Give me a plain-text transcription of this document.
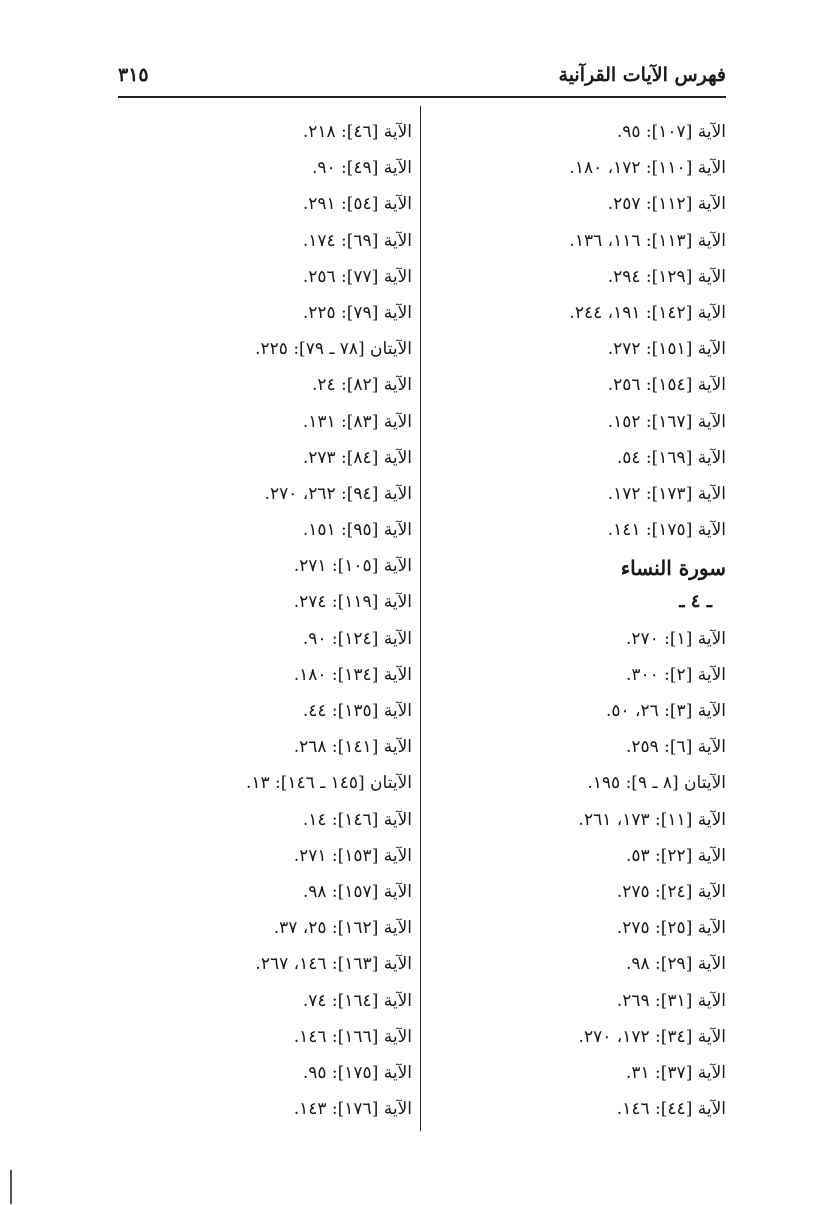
فهرس الآيات القرآنية
٣١٥
الآية [١٠٧]: ٩٥.
الآية [١١٠]: ١٧٢، ١٨٠.
الآية [١١٢]: ٢٥٧.
الآية [١١٣]: ١١٦، ١٣٦.
الآية [١٢٩]: ٢٩٤.
الآية [١٤٢]: ١٩١، ٢٤٤.
الآية [١٥١]: ٢٧٢.
الآية [١٥٤]: ٢٥٦.
الآية [١٦٧]: ١٥٢.
الآية [١٦٩]: ٥٤.
الآية [١٧٣]: ١٧٢.
الآية [١٧٥]: ١٤١.
سورة النساء
ـ ٤ ـ
الآية [١]: ٢٧٠.
الآية [٢]: ٣٠٠.
الآية [٣]: ٢٦، ٥٠.
الآية [٦]: ٢٥٩.
الآيتان [٨ ـ ٩]: ١٩٥.
الآية [١١]: ١٧٣، ٢٦١.
الآية [٢٢]: ٥٣.
الآية [٢٤]: ٢٧٥.
الآية [٢٥]: ٢٧٥.
الآية [٢٩]: ٩٨.
الآية [٣١]: ٢٦٩.
الآية [٣٤]: ١٧٢، ٢٧٠.
الآية [٣٧]: ٣١.
الآية [٤٤]: ١٤٦.
الآية [٤٦]: ٢١٨.
الآية [٤٩]: ٩٠.
الآية [٥٤]: ٢٩١.
الآية [٦٩]: ١٧٤.
الآية [٧٧]: ٢٥٦.
الآية [٧٩]: ٢٢٥.
الآيتان [٧٨ ـ ٧٩]: ٢٢٥.
الآية [٨٢]: ٢٤.
الآية [٨٣]: ١٣١.
الآية [٨٤]: ٢٧٣.
الآية [٩٤]: ٢٦٢، ٢٧٠.
الآية [٩٥]: ١٥١.
الآية [١٠٥]: ٢٧١.
الآية [١١٩]: ٢٧٤.
الآية [١٢٤]: ٩٠.
الآية [١٣٤]: ١٨٠.
الآية [١٣٥]: ٤٤.
الآية [١٤١]: ٢٦٨.
الآيتان [١٤٥ ـ ١٤٦]: ١٣.
الآية [١٤٦]: ١٤.
الآية [١٥٣]: ٢٧١.
الآية [١٥٧]: ٩٨.
الآية [١٦٢]: ٢٥، ٣٧.
الآية [١٦٣]: ١٤٦، ٢٦٧.
الآية [١٦٤]: ٧٤.
الآية [١٦٦]: ١٤٦.
الآية [١٧٥]: ٩٥.
الآية [١٧٦]: ١٤٣.
